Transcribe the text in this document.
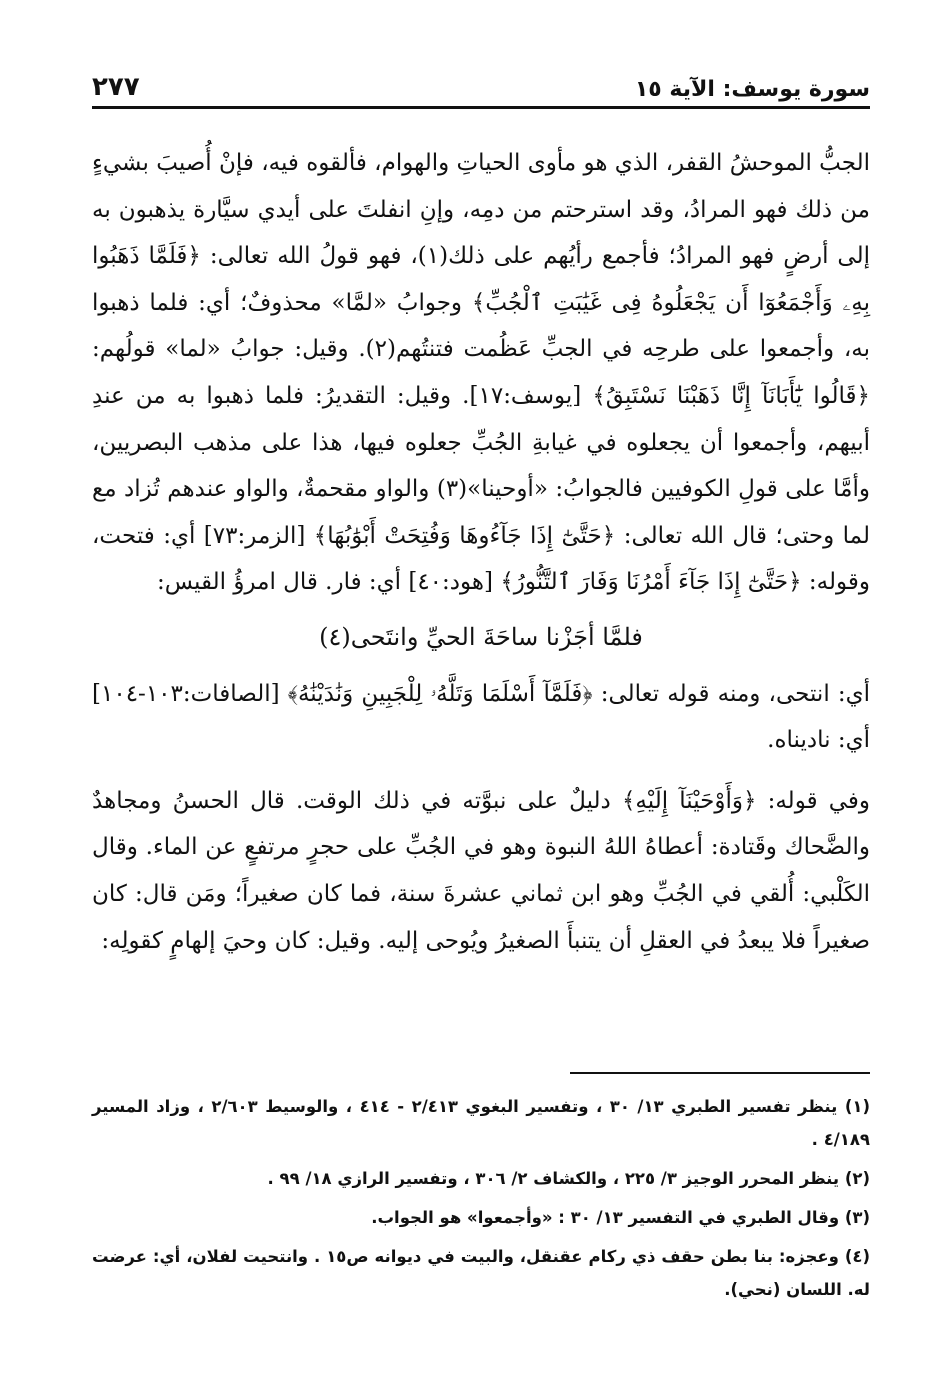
٢٧٧	سورة يوسف: الآية ١٥

الجبُّ الموحشُ القفر، الذي هو مأوى الحياتِ والهوام، فألقوه فيه، فإنْ أُصيبَ بشيءٍ من ذلك فهو المرادُ، وقد استرحتم من دمِه، وإنِ انفلتَ على أيدي سيَّارة يذهبون به إلى أرضٍ فهو المرادُ؛ فأجمع رأيُهم على ذلك(١)، فهو قولُ الله تعالى: ﴿فَلَمَّا ذَهَبُوا بِهِۦ وَأَجْمَعُوٓا أَن يَجْعَلُوهُ فِى غَيَٰبَتِ ٱلْجُبِّ﴾ وجوابُ «لمَّا» محذوفٌ؛ أي: فلما ذهبوا به، وأجمعوا على طرحِه في الجبِّ عَظُمت فتنتُهم(٢). وقيل: جوابُ «لما» قولُهم: ﴿قَالُوا يَٰٓأَبَانَآ إِنَّا ذَهَبْنَا نَسْتَبِقُ﴾ [يوسف:١٧]. وقيل: التقديرُ: فلما ذهبوا به من عندِ أبيهم، وأجمعوا أن يجعلوه في غيابةِ الجُبِّ جعلوه فيها، هذا على مذهب البصريين، وأمَّا على قولِ الكوفيين فالجوابُ: «أوحينا»(٣) والواو مقحمةٌ، والواو عندهم تُزاد مع لما وحتى؛ قال الله تعالى: ﴿حَتَّىٰٓ إِذَا جَآءُوهَا وَفُتِحَتْ أَبْوَٰبُهَا﴾ [الزمر:٧٣] أي: فتحت، وقوله: ﴿حَتَّىٰٓ إِذَا جَآءَ أَمْرُنَا وَفَارَ ٱلتَّنُّورُ﴾ [هود:٤٠] أي: فار. قال امرؤُ القيس:

فلمَّا أجَزْنا ساحَةَ الحيِّ وانتَحى(٤)

أي: انتحى، ومنه قوله تعالى: ﴿فَلَمَّآ أَسْلَمَا وَتَلَّهُۥ لِلْجَبِينِ وَنَٰدَيْنَٰهُ﴾ [الصافات:١٠٣-١٠٤] أي: ناديناه.

وفي قوله: ﴿وَأَوْحَيْنَآ إِلَيْهِ﴾ دليلٌ على نبوَّته في ذلك الوقت. قال الحسنُ ومجاهدٌ والضَّحاك وقَتادة: أعطاهُ اللهُ النبوة وهو في الجُبِّ على حجرٍ مرتفعٍ عن الماء. وقال الكَلْبي: أُلقي في الجُبِّ وهو ابن ثماني عشرةَ سنة، فما كان صغيراً؛ ومَن قال: كان صغيراً فلا يبعدُ في العقلِ أن يتنبأَ الصغيرُ ويُوحى إليه. وقيل: كان وحيَ إلهامٍ كقولِه:

(١) ينظر تفسير الطبري ١٣/ ٣٠ ، وتفسير البغوي ٢/٤١٣ - ٤١٤ ، والوسيط ٢/٦٠٣ ، وزاد المسير ٤/١٨٩ .

(٢) ينظر المحرر الوجيز ٣/ ٢٢٥ ، والكشاف ٢/ ٣٠٦ ، وتفسير الرازي ١٨/ ٩٩ .

(٣) وقال الطبري في التفسير ١٣/ ٣٠ : «وأجمعوا» هو الجواب.

(٤) وعجزه: بنا بطن حقف ذي ركام عقنقل، والبيت في ديوانه ص١٥ . وانتحيت لفلان، أي: عرضت له. اللسان (نحي).
